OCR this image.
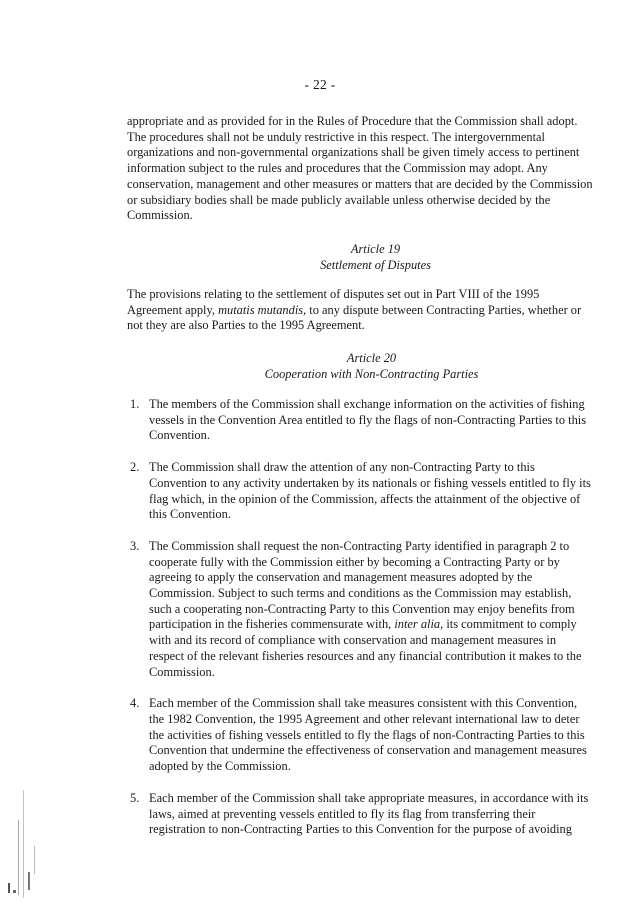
- 22 -

appropriate and as provided for in the Rules of Procedure that the Commission shall adopt. The procedures shall not be unduly restrictive in this respect. The intergovernmental organizations and non-governmental organizations shall be given timely access to pertinent information subject to the rules and procedures that the Commission may adopt. Any conservation, management and other measures or matters that are decided by the Commission or subsidiary bodies shall be made publicly available unless otherwise decided by the Commission.

Article 19

Settlement of Disputes

The provisions relating to the settlement of disputes set out in Part VIII of the 1995 Agreement apply, mutatis mutandis, to any dispute between Contracting Parties, whether or not they are also Parties to the 1995 Agreement.

Article 20

Cooperation with Non-Contracting Parties

1. The members of the Commission shall exchange information on the activities of fishing vessels in the Convention Area entitled to fly the flags of non-Contracting Parties to this Convention.
2. The Commission shall draw the attention of any non-Contracting Party to this Convention to any activity undertaken by its nationals or fishing vessels entitled to fly its flag which, in the opinion of the Commission, affects the attainment of the objective of this Convention.
3. The Commission shall request the non-Contracting Party identified in paragraph 2 to cooperate fully with the Commission either by becoming a Contracting Party or by agreeing to apply the conservation and management measures adopted by the Commission. Subject to such terms and conditions as the Commission may establish, such a cooperating non-Contracting Party to this Convention may enjoy benefits from participation in the fisheries commensurate with, inter alia, its commitment to comply with and its record of compliance with conservation and management measures in respect of the relevant fisheries resources and any financial contribution it makes to the Commission.
4. Each member of the Commission shall take measures consistent with this Convention, the 1982 Convention, the 1995 Agreement and other relevant international law to deter the activities of fishing vessels entitled to fly the flags of non-Contracting Parties to this Convention that undermine the effectiveness of conservation and management measures adopted by the Commission.
5. Each member of the Commission shall take appropriate measures, in accordance with its laws, aimed at preventing vessels entitled to fly its flag from transferring their registration to non-Contracting Parties to this Convention for the purpose of avoiding
